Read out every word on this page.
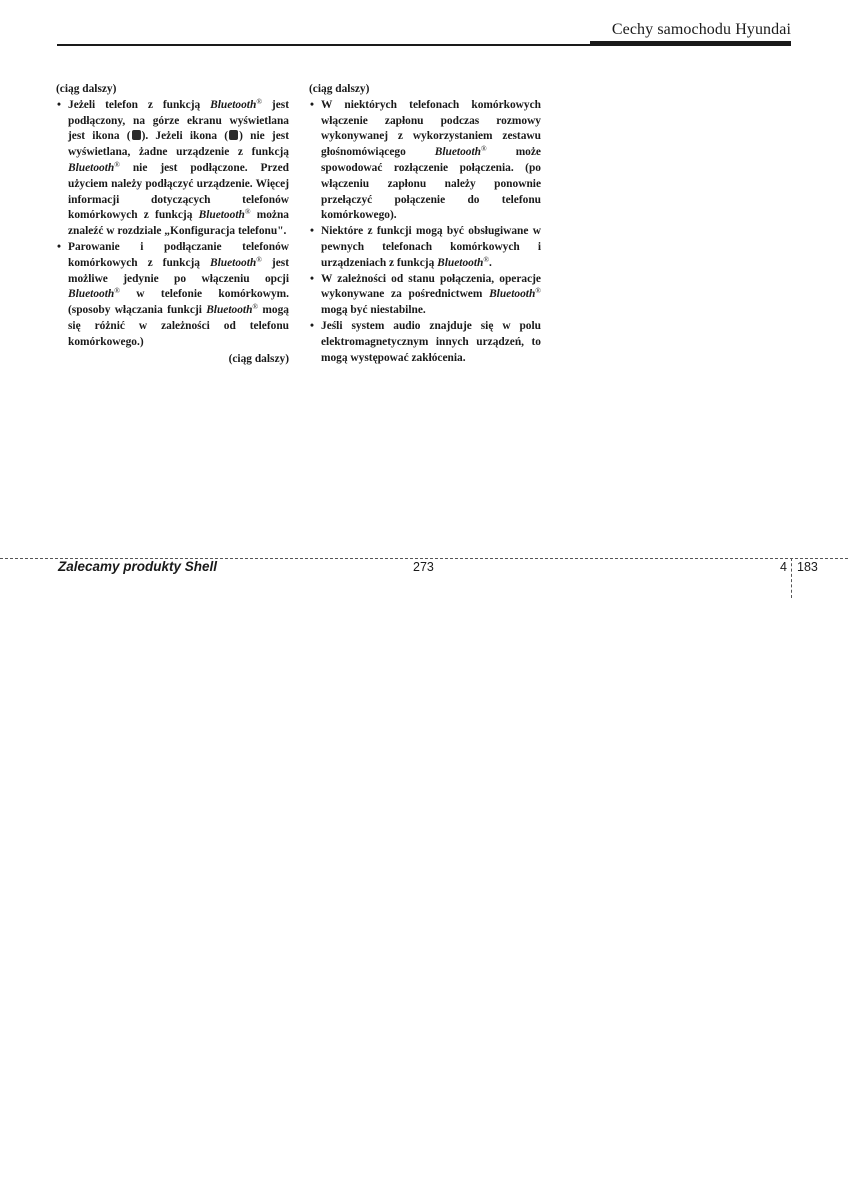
Cechy samochodu Hyundai
(ciąg dalszy)
• Jeżeli telefon z funkcją Bluetooth® jest podłączony, na górze ekranu wyświetlana jest ikona ( ). Jeżeli ikona ( ) nie jest wyświetlana, żadne urządzenie z funkcją Bluetooth® nie jest podłączone. Przed użyciem należy podłączyć urządzenie. Więcej informacji dotyczących telefonów komórkowych z funkcją Bluetooth® można znaleźć w rozdziale „Konfiguracja telefonu".
• Parowanie i podłączanie telefonów komórkowych z funkcją Bluetooth® jest możliwe jedynie po włączeniu opcji Bluetooth® w telefonie komórkowym. (sposoby włączania funkcji Bluetooth® mogą się różnić w zależności od telefonu komórkowego.)
(ciąg dalszy)
(ciąg dalszy)
• W niektórych telefonach komórkowych włączenie zapłonu podczas rozmowy wykonywanej z wykorzystaniem zestawu głośnomówiącego Bluetooth® może spowodować rozłączenie połączenia. (po włączeniu zapłonu należy ponownie przełączyć połączenie do telefonu komórkowego).
• Niektóre z funkcji mogą być obsługiwane w pewnych telefonach komórkowych i urządzeniach z funkcją Bluetooth®.
• W zależności od stanu połączenia, operacje wykonywane za pośrednictwem Bluetooth® mogą być niestabilne.
• Jeśli system audio znajduje się w polu elektromagnetycznym innych urządzeń, to mogą występować zakłócenia.
Zalecamy produkty Shell	273	4 183
